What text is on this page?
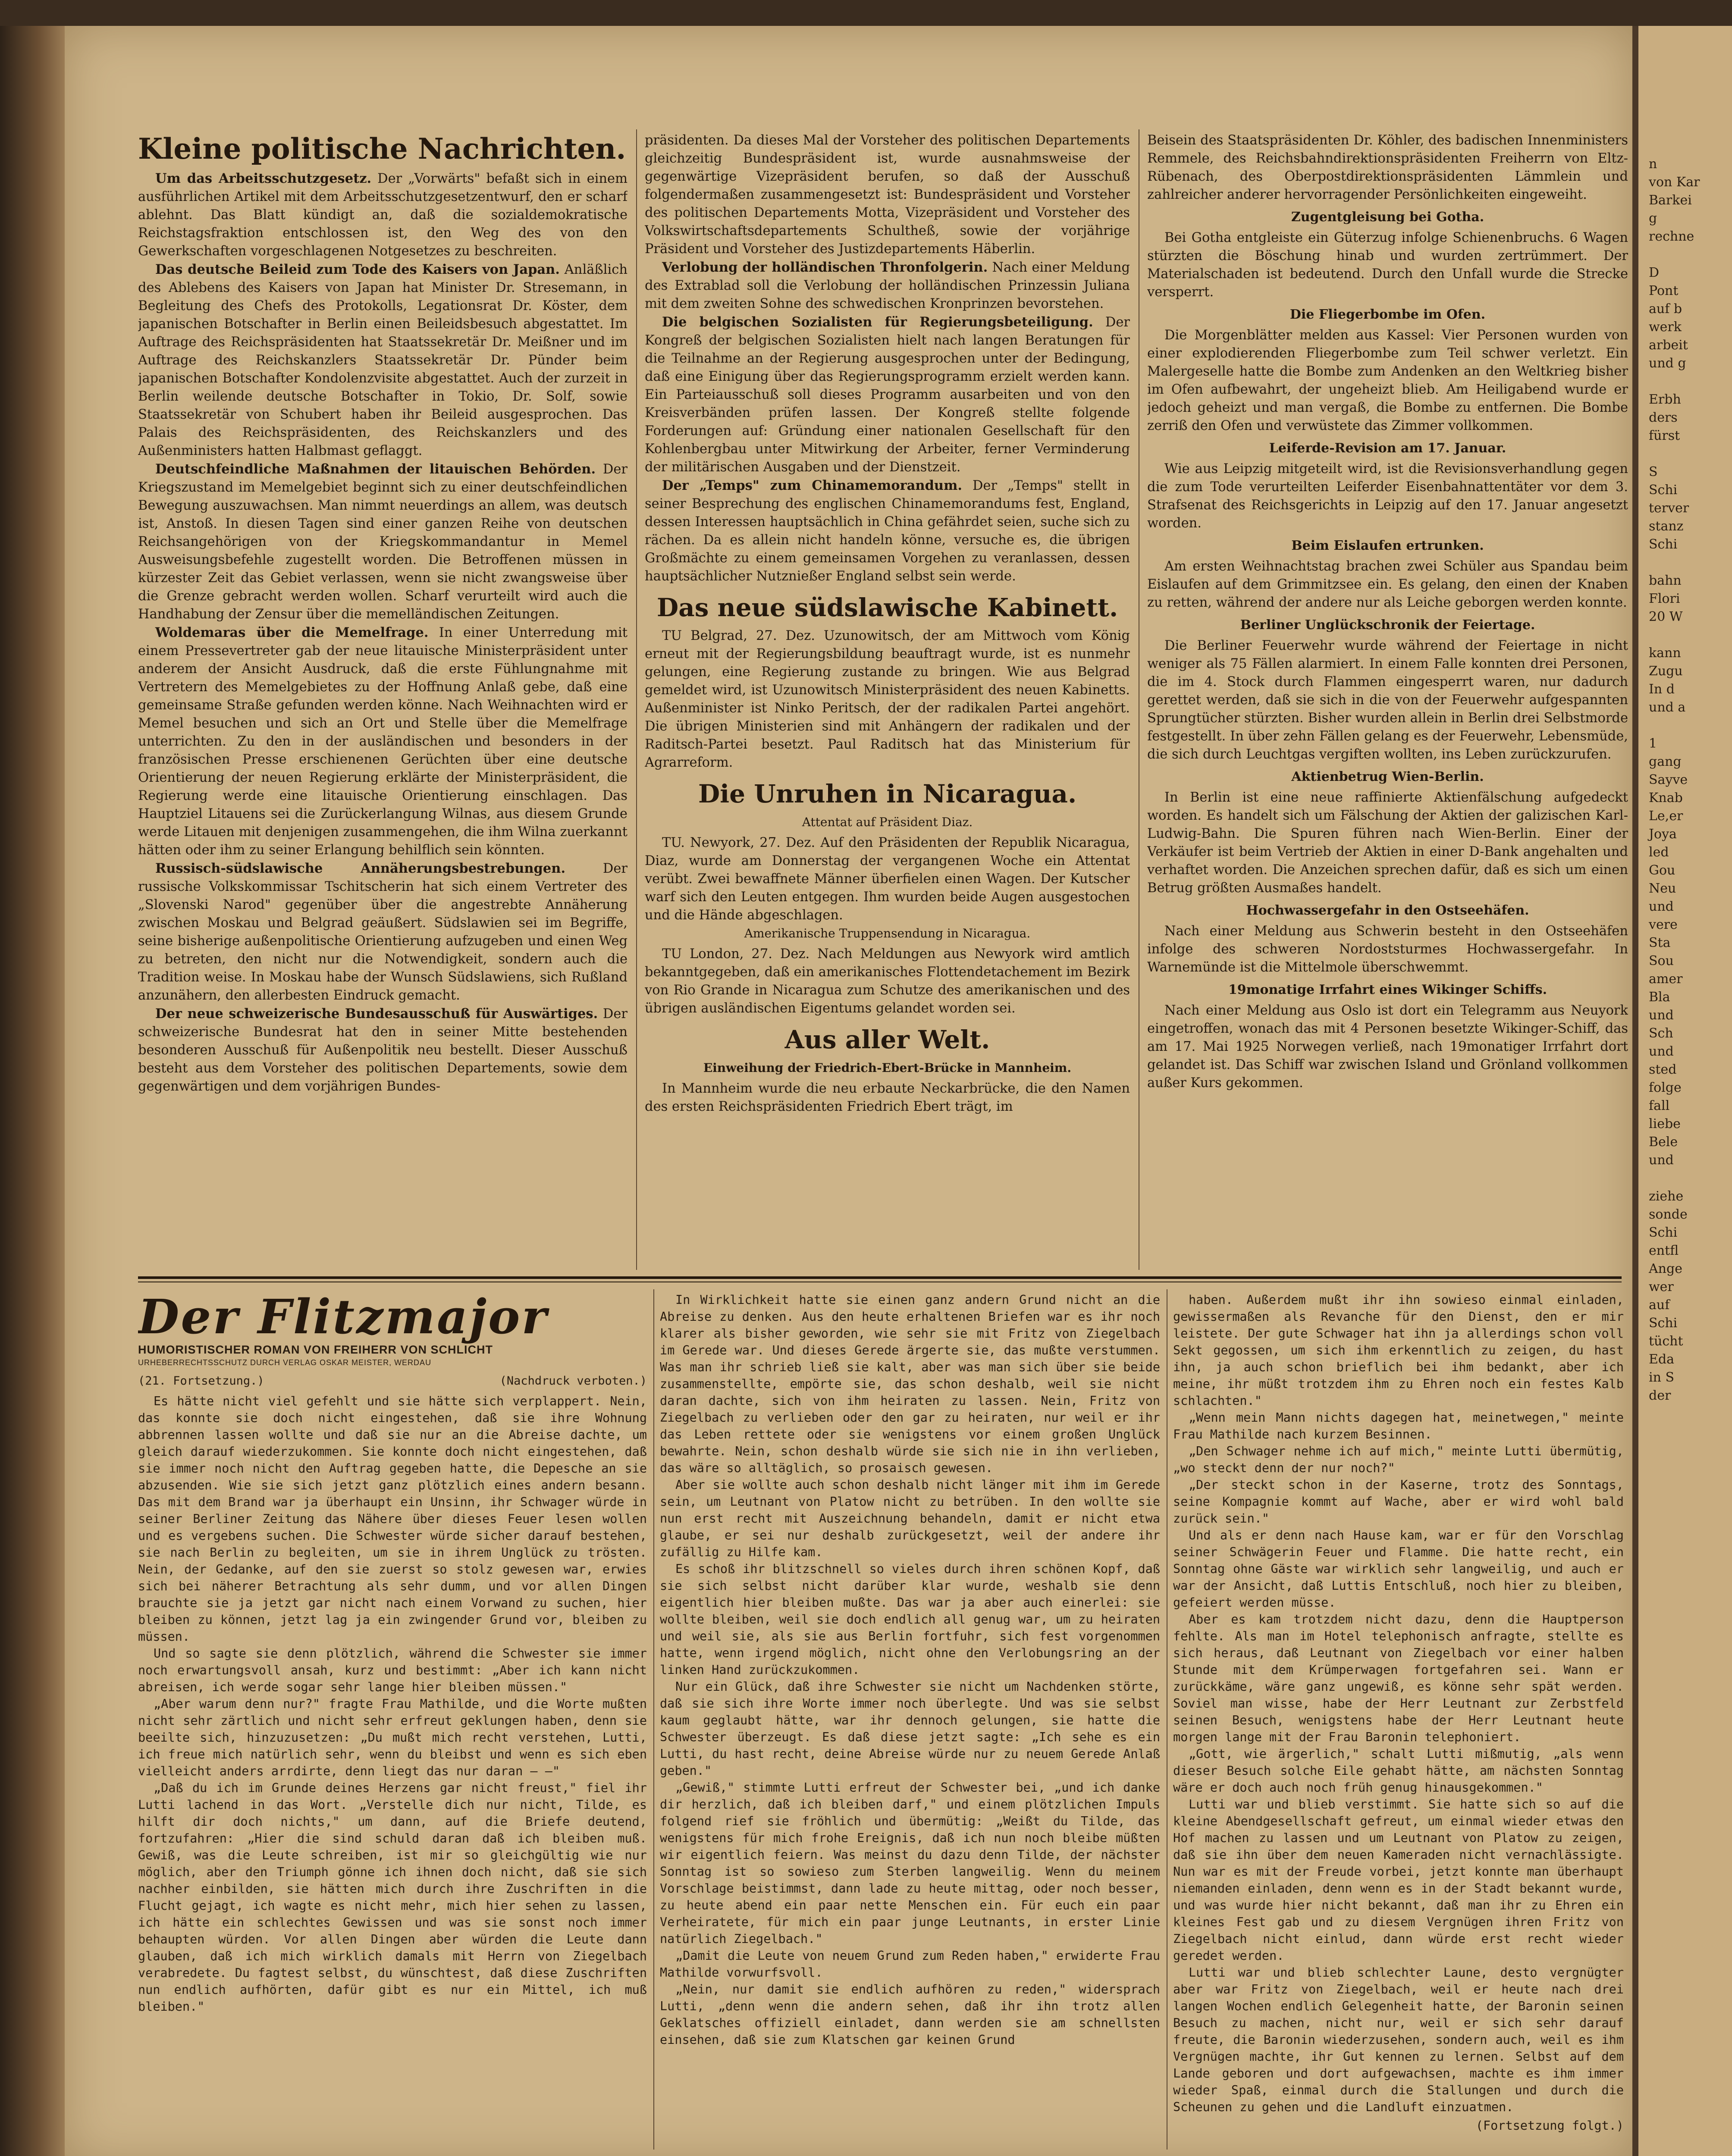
Kleine politische Nachrichten.

Um das Arbeitsschutzgesetz. Der „Vorwärts" befaßt sich in einem ausführlichen Artikel mit dem Arbeitsschutzgesetzentwurf, den er scharf ablehnt. Das Blatt kündigt an, daß die sozialdemokratische Reichstagsfraktion entschlossen ist, den Weg des von den Gewerkschaften vorgeschlagenen Notgesetzes zu beschreiten.

Das deutsche Beileid zum Tode des Kaisers von Japan. Anläßlich des Ablebens des Kaisers von Japan hat Minister Dr. Stresemann, in Begleitung des Chefs des Protokolls, Legationsrat Dr. Köster, dem japanischen Botschafter in Berlin einen Beileidsbesuch abgestattet. Im Auftrage des Reichspräsidenten hat Staatssekretär Dr. Meißner und im Auftrage des Reichskanzlers Staatssekretär Dr. Pünder beim japanischen Botschafter Kondolenzvisite abgestattet. Auch der zurzeit in Berlin weilende deutsche Botschafter in Tokio, Dr. Solf, sowie Staatssekretär von Schubert haben ihr Beileid ausgesprochen. Das Palais des Reichspräsidenten, des Reichskanzlers und des Außenministers hatten Halbmast geflaggt.

Deutschfeindliche Maßnahmen der litauischen Behörden. Der Kriegszustand im Memelgebiet beginnt sich zu einer deutschfeindlichen Bewegung auszuwachsen. Man nimmt neuerdings an allem, was deutsch ist, Anstoß. In diesen Tagen sind einer ganzen Reihe von deutschen Reichsangehörigen von der Kriegskommandantur in Memel Ausweisungsbefehle zugestellt worden. Die Betroffenen müssen in kürzester Zeit das Gebiet verlassen, wenn sie nicht zwangsweise über die Grenze gebracht werden wollen. Scharf verurteilt wird auch die Handhabung der Zensur über die memelländischen Zeitungen.

Woldemaras über die Memelfrage. In einer Unterredung mit einem Pressevertreter gab der neue litauische Ministerpräsident unter anderem der Ansicht Ausdruck, daß die erste Fühlungnahme mit Vertretern des Memelgebietes zu der Hoffnung Anlaß gebe, daß eine gemeinsame Straße gefunden werden könne. Nach Weihnachten wird er Memel besuchen und sich an Ort und Stelle über die Memelfrage unterrichten. Zu den in der ausländischen und besonders in der französischen Presse erschienenen Gerüchten über eine deutsche Orientierung der neuen Regierung erklärte der Ministerpräsident, die Regierung werde eine litauische Orientierung einschlagen. Das Hauptziel Litauens sei die Zurückerlangung Wilnas, aus diesem Grunde werde Litauen mit denjenigen zusammengehen, die ihm Wilna zuerkannt hätten oder ihm zu seiner Erlangung behilflich sein könnten.

Russisch-südslawische Annäherungsbestrebungen. Der russische Volkskommissar Tschitscherin hat sich einem Vertreter des „Slovenski Narod" gegenüber über die angestrebte Annäherung zwischen Moskau und Belgrad geäußert. Südslawien sei im Begriffe, seine bisherige außenpolitische Orientierung aufzugeben und einen Weg zu betreten, den nicht nur die Notwendigkeit, sondern auch die Tradition weise. In Moskau habe der Wunsch Südslawiens, sich Rußland anzunähern, den allerbesten Eindruck gemacht.

Der neue schweizerische Bundesausschuß für Auswärtiges. Der schweizerische Bundesrat hat den in seiner Mitte bestehenden besonderen Ausschuß für Außenpolitik neu bestellt. Dieser Ausschuß besteht aus dem Vorsteher des politischen Departements, sowie dem gegenwärtigen und dem vorjährigen Bundes-

präsidenten. Da dieses Mal der Vorsteher des politischen Departements gleichzeitig Bundespräsident ist, wurde ausnahmsweise der gegenwärtige Vizepräsident berufen, so daß der Ausschuß folgendermaßen zusammengesetzt ist: Bundespräsident und Vorsteher des politischen Departements Motta, Vizepräsident und Vorsteher des Volkswirtschaftsdepartements Schultheß, sowie der vorjährige Präsident und Vorsteher des Justizdepartements Häberlin.

Verlobung der holländischen Thronfolgerin. Nach einer Meldung des Extrablad soll die Verlobung der holländischen Prinzessin Juliana mit dem zweiten Sohne des schwedischen Kronprinzen bevorstehen.

Die belgischen Sozialisten für Regierungsbeteiligung. Der Kongreß der belgischen Sozialisten hielt nach langen Beratungen für die Teilnahme an der Regierung ausgesprochen unter der Bedingung, daß eine Einigung über das Regierungsprogramm erzielt werden kann. Ein Parteiausschuß soll dieses Programm ausarbeiten und von den Kreisverbänden prüfen lassen. Der Kongreß stellte folgende Forderungen auf: Gründung einer nationalen Gesellschaft für den Kohlenbergbau unter Mitwirkung der Arbeiter, ferner Verminderung der militärischen Ausgaben und der Dienstzeit.

Der „Temps" zum Chinamemorandum. Der „Temps" stellt in seiner Besprechung des englischen Chinamemorandums fest, England, dessen Interessen hauptsächlich in China gefährdet seien, suche sich zu rächen. Da es allein nicht handeln könne, versuche es, die übrigen Großmächte zu einem gemeinsamen Vorgehen zu veranlassen, dessen hauptsächlicher Nutznießer England selbst sein werde.

Das neue südslawische Kabinett.

TU Belgrad, 27. Dez. Uzunowitsch, der am Mittwoch vom König erneut mit der Regierungsbildung beauftragt wurde, ist es nunmehr gelungen, eine Regierung zustande zu bringen. Wie aus Belgrad gemeldet wird, ist Uzunowitsch Ministerpräsident des neuen Kabinetts. Außenminister ist Ninko Peritsch, der der radikalen Partei angehört. Die übrigen Ministerien sind mit Anhängern der radikalen und der Raditsch-Partei besetzt. Paul Raditsch hat das Ministerium für Agrarreform.

Die Unruhen in Nicaragua.
Attentat auf Präsident Diaz.

TU. Newyork, 27. Dez. Auf den Präsidenten der Republik Nicaragua, Diaz, wurde am Donnerstag der vergangenen Woche ein Attentat verübt. Zwei bewaffnete Männer überfielen einen Wagen. Der Kutscher warf sich den Leuten entgegen. Ihm wurden beide Augen ausgestochen und die Hände abgeschlagen.

Amerikanische Truppensendung in Nicaragua.

TU London, 27. Dez. Nach Meldungen aus Newyork wird amtlich bekanntgegeben, daß ein amerikanisches Flottendetachement im Bezirk von Rio Grande in Nicaragua zum Schutze des amerikanischen und des übrigen ausländischen Eigentums gelandet worden sei.

Aus aller Welt.
Einweihung der Friedrich-Ebert-Brücke in Mannheim.

In Mannheim wurde die neu erbaute Neckarbrücke, die den Namen des ersten Reichspräsidenten Friedrich Ebert trägt, im

Beisein des Staatspräsidenten Dr. Köhler, des badischen Innenministers Remmele, des Reichsbahndirektionspräsidenten Freiherrn von Eltz-Rübenach, des Oberpostdirektionspräsidenten Lämmlein und zahlreicher anderer hervorragender Persönlichkeiten eingeweiht.

Zugentgleisung bei Gotha.

Bei Gotha entgleiste ein Güterzug infolge Schienenbruchs. 6 Wagen stürzten die Böschung hinab und wurden zertrümmert. Der Materialschaden ist bedeutend. Durch den Unfall wurde die Strecke versperrt.

Die Fliegerbombe im Ofen.

Die Morgenblätter melden aus Kassel: Vier Personen wurden von einer explodierenden Fliegerbombe zum Teil schwer verletzt. Ein Malergeselle hatte die Bombe zum Andenken an den Weltkrieg bisher im Ofen aufbewahrt, der ungeheizt blieb. Am Heiligabend wurde er jedoch geheizt und man vergaß, die Bombe zu entfernen. Die Bombe zerriß den Ofen und verwüstete das Zimmer vollkommen.

Leiferde-Revision am 17. Januar.

Wie aus Leipzig mitgeteilt wird, ist die Revisionsverhandlung gegen die zum Tode verurteilten Leiferder Eisenbahnattentäter vor dem 3. Strafsenat des Reichsgerichts in Leipzig auf den 17. Januar angesetzt worden.

Beim Eislaufen ertrunken.

Am ersten Weihnachtstag brachen zwei Schüler aus Spandau beim Eislaufen auf dem Grimmitzsee ein. Es gelang, den einen der Knaben zu retten, während der andere nur als Leiche geborgen werden konnte.

Berliner Unglückschronik der Feiertage.

Die Berliner Feuerwehr wurde während der Feiertage in nicht weniger als 75 Fällen alarmiert. In einem Falle konnten drei Personen, die im 4. Stock durch Flammen eingesperrt waren, nur dadurch gerettet werden, daß sie sich in die von der Feuerwehr aufgespannten Sprungtücher stürzten. Bisher wurden allein in Berlin drei Selbstmorde festgestellt. In über zehn Fällen gelang es der Feuerwehr, Lebensmüde, die sich durch Leuchtgas vergiften wollten, ins Leben zurückzurufen.

Aktienbetrug Wien-Berlin.

In Berlin ist eine neue raffinierte Aktienfälschung aufgedeckt worden. Es handelt sich um Fälschung der Aktien der galizischen Karl-Ludwig-Bahn. Die Spuren führen nach Wien-Berlin. Einer der Verkäufer ist beim Vertrieb der Aktien in einer D-Bank angehalten und verhaftet worden. Die Anzeichen sprechen dafür, daß es sich um einen Betrug größten Ausmaßes handelt.

Hochwassergefahr in den Ostseehäfen.

Nach einer Meldung aus Schwerin besteht in den Ostseehäfen infolge des schweren Nordoststurmes Hochwassergefahr. In Warnemünde ist die Mittelmole überschwemmt.

19monatige Irrfahrt eines Wikinger Schiffs.

Nach einer Meldung aus Oslo ist dort ein Telegramm aus Neuyork eingetroffen, wonach das mit 4 Personen besetzte Wikinger-Schiff, das am 17. Mai 1925 Norwegen verließ, nach 19monatiger Irrfahrt dort gelandet ist. Das Schiff war zwischen Island und Grönland vollkommen außer Kurs gekommen.

Der Flitzmajor
HUMORISTISCHER ROMAN VON FREIHERR VON SCHLICHT
URHEBERRECHTSSCHUTZ DURCH VERLAG OSKAR MEISTER, WERDAU
(21. Fortsetzung.)	(Nachdruck verboten.)

Es hätte nicht viel gefehlt und sie hätte sich verplappert. Nein, das konnte sie doch nicht eingestehen, daß sie ihre Wohnung abbrennen lassen wollte und daß sie nur an die Abreise dachte, um gleich darauf wiederzukommen. Sie konnte doch nicht eingestehen, daß sie immer noch nicht den Auftrag gegeben hatte, die Depesche an sie abzusenden. Wie sie sich jetzt ganz plötzlich eines andern besann. Das mit dem Brand war ja überhaupt ein Unsinn, ihr Schwager würde in seiner Berliner Zeitung das Nähere über dieses Feuer lesen wollen und es vergebens suchen. Die Schwester würde sicher darauf bestehen, sie nach Berlin zu begleiten, um sie in ihrem Unglück zu trösten. Nein, der Gedanke, auf den sie zuerst so stolz gewesen war, erwies sich bei näherer Betrachtung als sehr dumm, und vor allen Dingen brauchte sie ja jetzt gar nicht nach einem Vorwand zu suchen, hier bleiben zu können, jetzt lag ja ein zwingender Grund vor, bleiben zu müssen.

Und so sagte sie denn plötzlich, während die Schwester sie immer noch erwartungsvoll ansah, kurz und bestimmt: „Aber ich kann nicht abreisen, ich werde sogar sehr lange hier bleiben müssen."

„Aber warum denn nur?" fragte Frau Mathilde, und die Worte mußten nicht sehr zärtlich und nicht sehr erfreut geklungen haben, denn sie beeilte sich, hinzuzusetzen: „Du mußt mich recht verstehen, Lutti, ich freue mich natürlich sehr, wenn du bleibst und wenn es sich eben vielleicht anders arrdirte, denn liegt das nur daran — —"

„Daß du ich im Grunde deines Herzens gar nicht freust," fiel ihr Lutti lachend in das Wort. „Verstelle dich nur nicht, Tilde, es hilft dir doch nichts," um dann, auf die Briefe deutend, fortzufahren: „Hier die sind schuld daran daß ich bleiben muß. Gewiß, was die Leute schreiben, ist mir so gleichgültig wie nur möglich, aber den Triumph gönne ich ihnen doch nicht, daß sie sich nachher einbilden, sie hätten mich durch ihre Zuschriften in die Flucht gejagt, ich wagte es nicht mehr, mich hier sehen zu lassen, ich hätte ein schlechtes Gewissen und was sie sonst noch immer behaupten würden. Vor allen Dingen aber würden die Leute dann glauben, daß ich mich wirklich damals mit Herrn von Ziegelbach verabredete. Du fagtest selbst, du wünschtest, daß diese Zuschriften nun endlich aufhörten, dafür gibt es nur ein Mittel, ich muß bleiben."

In Wirklichkeit hatte sie einen ganz andern Grund nicht an die Abreise zu denken. Aus den heute erhaltenen Briefen war es ihr noch klarer als bisher geworden, wie sehr sie mit Fritz von Ziegelbach im Gerede war. Und dieses Gerede ärgerte sie, das mußte verstummen. Was man ihr schrieb ließ sie kalt, aber was man sich über sie beide zusammenstellte, empörte sie, das schon deshalb, weil sie nicht daran dachte, sich von ihm heiraten zu lassen. Nein, Fritz von Ziegelbach zu verlieben oder den gar zu heiraten, nur weil er ihr das Leben rettete oder sie wenigstens vor einem großen Unglück bewahrte. Nein, schon deshalb würde sie sich nie in ihn verlieben, das wäre so alltäglich, so prosaisch gewesen.

Aber sie wollte auch schon deshalb nicht länger mit ihm im Gerede sein, um Leutnant von Platow nicht zu betrüben. In den wollte sie nun erst recht mit Auszeichnung behandeln, damit er nicht etwa glaube, er sei nur deshalb zurückgesetzt, weil der andere ihr zufällig zu Hilfe kam.

Es schoß ihr blitzschnell so vieles durch ihren schönen Kopf, daß sie sich selbst nicht darüber klar wurde, weshalb sie denn eigentlich hier bleiben mußte. Das war ja aber auch einerlei: sie wollte bleiben, weil sie doch endlich all genug war, um zu heiraten und weil sie, als sie aus Berlin fortfuhr, sich fest vorgenommen hatte, wenn irgend möglich, nicht ohne den Verlobungsring an der linken Hand zurückzukommen.

Nur ein Glück, daß ihre Schwester sie nicht um Nachdenken störte, daß sie sich ihre Worte immer noch überlegte. Und was sie selbst kaum geglaubt hätte, war ihr dennoch gelungen, sie hatte die Schwester überzeugt. Es daß diese jetzt sagte: „Ich sehe es ein Lutti, du hast recht, deine Abreise würde nur zu neuem Gerede Anlaß geben."

„Gewiß," stimmte Lutti erfreut der Schwester bei, „und ich danke dir herzlich, daß ich bleiben darf," und einem plötzlichen Impuls folgend rief sie fröhlich und übermütig: „Weißt du Tilde, das wenigstens für mich frohe Ereignis, daß ich nun noch bleibe müßten wir eigentlich feiern. Was meinst du dazu denn Tilde, der nächster Sonntag ist so sowieso zum Sterben langweilig. Wenn du meinem Vorschlage beistimmst, dann lade zu heute mittag, oder noch besser, zu heute abend ein paar nette Menschen ein. Für euch ein paar Verheiratete, für mich ein paar junge Leutnants, in erster Linie natürlich Ziegelbach."

„Damit die Leute von neuem Grund zum Reden haben," erwiderte Frau Mathilde vorwurfsvoll.

„Nein, nur damit sie endlich aufhören zu reden," widersprach Lutti, „denn wenn die andern sehen, daß ihr ihn trotz allen Geklatsches offiziell einladet, dann werden sie am schnellsten einsehen, daß sie zum Klatschen gar keinen Grund

haben. Außerdem mußt ihr ihn sowieso einmal einladen, gewissermaßen als Revanche für den Dienst, den er mir leistete. Der gute Schwager hat ihn ja allerdings schon voll Sekt gegossen, um sich ihm erkenntlich zu zeigen, du hast ihn, ja auch schon brieflich bei ihm bedankt, aber ich meine, ihr müßt trotzdem ihm zu Ehren noch ein festes Kalb schlachten."

„Wenn mein Mann nichts dagegen hat, meinetwegen," meinte Frau Mathilde nach kurzem Besinnen.

„Den Schwager nehme ich auf mich," meinte Lutti übermütig, „wo steckt denn der nur noch?"

„Der steckt schon in der Kaserne, trotz des Sonntags, seine Kompagnie kommt auf Wache, aber er wird wohl bald zurück sein."

Und als er denn nach Hause kam, war er für den Vorschlag seiner Schwägerin Feuer und Flamme. Die hatte recht, ein Sonntag ohne Gäste war wirklich sehr langweilig, und auch er war der Ansicht, daß Luttis Entschluß, noch hier zu bleiben, gefeiert werden müsse.

Aber es kam trotzdem nicht dazu, denn die Hauptperson fehlte. Als man im Hotel telephonisch anfragte, stellte es sich heraus, daß Leutnant von Ziegelbach vor einer halben Stunde mit dem Krümperwagen fortgefahren sei. Wann er zurückkäme, wäre ganz ungewiß, es könne sehr spät werden. Soviel man wisse, habe der Herr Leutnant zur Zerbstfeld seinen Besuch, wenigstens habe der Herr Leutnant heute morgen lange mit der Frau Baronin telephoniert.

„Gott, wie ärgerlich," schalt Lutti mißmutig, „als wenn dieser Besuch solche Eile gehabt hätte, am nächsten Sonntag wäre er doch auch noch früh genug hinausgekommen."

Lutti war und blieb verstimmt. Sie hatte sich so auf die kleine Abendgesellschaft gefreut, um einmal wieder etwas den Hof machen zu lassen und um Leutnant von Platow zu zeigen, daß sie ihn über dem neuen Kameraden nicht vernachlässigte. Nun war es mit der Freude vorbei, jetzt konnte man überhaupt niemanden einladen, denn wenn es in der Stadt bekannt wurde, und was wurde hier nicht bekannt, daß man ihr zu Ehren ein kleines Fest gab und zu diesem Vergnügen ihren Fritz von Ziegelbach nicht einlud, dann würde erst recht wieder geredet werden.

Lutti war und blieb schlechter Laune, desto vergnügter aber war Fritz von Ziegelbach, weil er heute nach drei langen Wochen endlich Gelegenheit hatte, der Baronin seinen Besuch zu machen, nicht nur, weil er sich sehr darauf freute, die Baronin wiederzusehen, sondern auch, weil es ihm Vergnügen machte, ihr Gut kennen zu lernen. Selbst auf dem Lande geboren und dort aufgewachsen, machte es ihm immer wieder Spaß, einmal durch die Stallungen und durch die Scheunen zu gehen und die Landluft einzuatmen.

(Fortsetzung folgt.)
n
von Kar
Barkei
g
rechne

D
Pont
auf b
werk
arbeit
und g

Erbh
ders
fürst

S
Schi
terver
stanz
Schi

bahn
Flori
20 W

kann
Zugu
In d
und a

1
gang
Sayve
Knab
Le,er
Joya
led
Gou
Neu
und
vere
Sta
Sou
amer
Bla
und
Sch
und
sted
folge
fall
liebe
Bele
und

ziehe
sonde
Schi
entfl
Ange
wer
auf
Schi
tücht
Eda
in S
der
